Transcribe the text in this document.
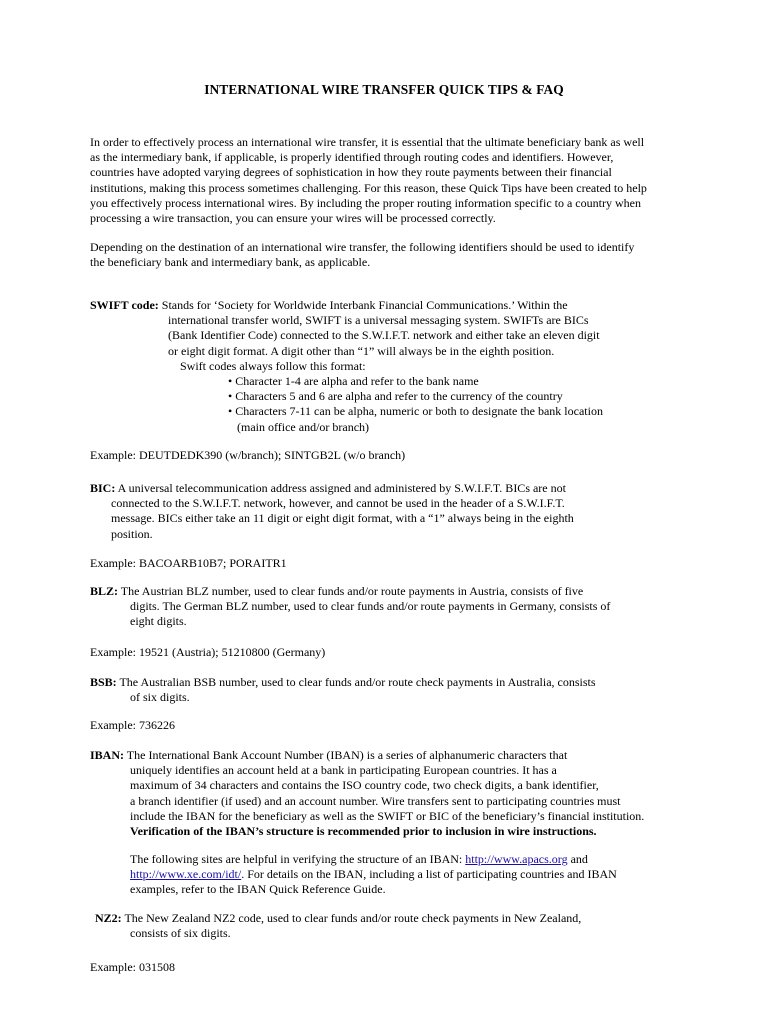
INTERNATIONAL WIRE TRANSFER QUICK TIPS & FAQ
In order to effectively process an international wire transfer, it is essential that the ultimate beneficiary bank as well
as the intermediary bank, if applicable, is properly identified through routing codes and identifiers. However,
countries have adopted varying degrees of sophistication in how they route payments between their financial
institutions, making this process sometimes challenging. For this reason, these Quick Tips have been created to help
you effectively process international wires. By including the proper routing information specific to a country when
processing a wire transaction, you can ensure your wires will be processed correctly.
Depending on the destination of an international wire transfer, the following identifiers should be used to identify
the beneficiary bank and intermediary bank, as applicable.
SWIFT code: Stands for ‘Society for Worldwide Interbank Financial Communications.’ Within the
international transfer world, SWIFT is a universal messaging system. SWIFTs are BICs
(Bank Identifier Code) connected to the S.W.I.F.T. network and either take an eleven digit
or eight digit format. A digit other than “1” will always be in the eighth position.
Swift codes always follow this format:
• Character 1-4 are alpha and refer to the bank name
• Characters 5 and 6 are alpha and refer to the currency of the country
• Characters 7-11 can be alpha, numeric or both to designate the bank location
(main office and/or branch)
Example: DEUTDEDK390 (w/branch); SINTGB2L (w/o branch)
BIC: A universal telecommunication address assigned and administered by S.W.I.F.T. BICs are not
connected to the S.W.I.F.T. network, however, and cannot be used in the header of a S.W.I.F.T.
message. BICs either take an 11 digit or eight digit format, with a “1” always being in the eighth
position.
Example: BACOARB10B7; PORAITR1
BLZ: The Austrian BLZ number, used to clear funds and/or route payments in Austria, consists of five
digits. The German BLZ number, used to clear funds and/or route payments in Germany, consists of
eight digits.
Example: 19521 (Austria); 51210800 (Germany)
BSB: The Australian BSB number, used to clear funds and/or route check payments in Australia, consists
of six digits.
Example: 736226
IBAN: The International Bank Account Number (IBAN) is a series of alphanumeric characters that
uniquely identifies an account held at a bank in participating European countries. It has a
maximum of 34 characters and contains the ISO country code, two check digits, a bank identifier,
a branch identifier (if used) and an account number. Wire transfers sent to participating countries must
include the IBAN for the beneficiary as well as the SWIFT or BIC of the beneficiary’s financial institution.
Verification of the IBAN’s structure is recommended prior to inclusion in wire instructions.
The following sites are helpful in verifying the structure of an IBAN: http://www.apacs.org and
http://www.xe.com/idt/. For details on the IBAN, including a list of participating countries and IBAN
examples, refer to the IBAN Quick Reference Guide.
NZ2: The New Zealand NZ2 code, used to clear funds and/or route check payments in New Zealand,
consists of six digits.
Example: 031508
